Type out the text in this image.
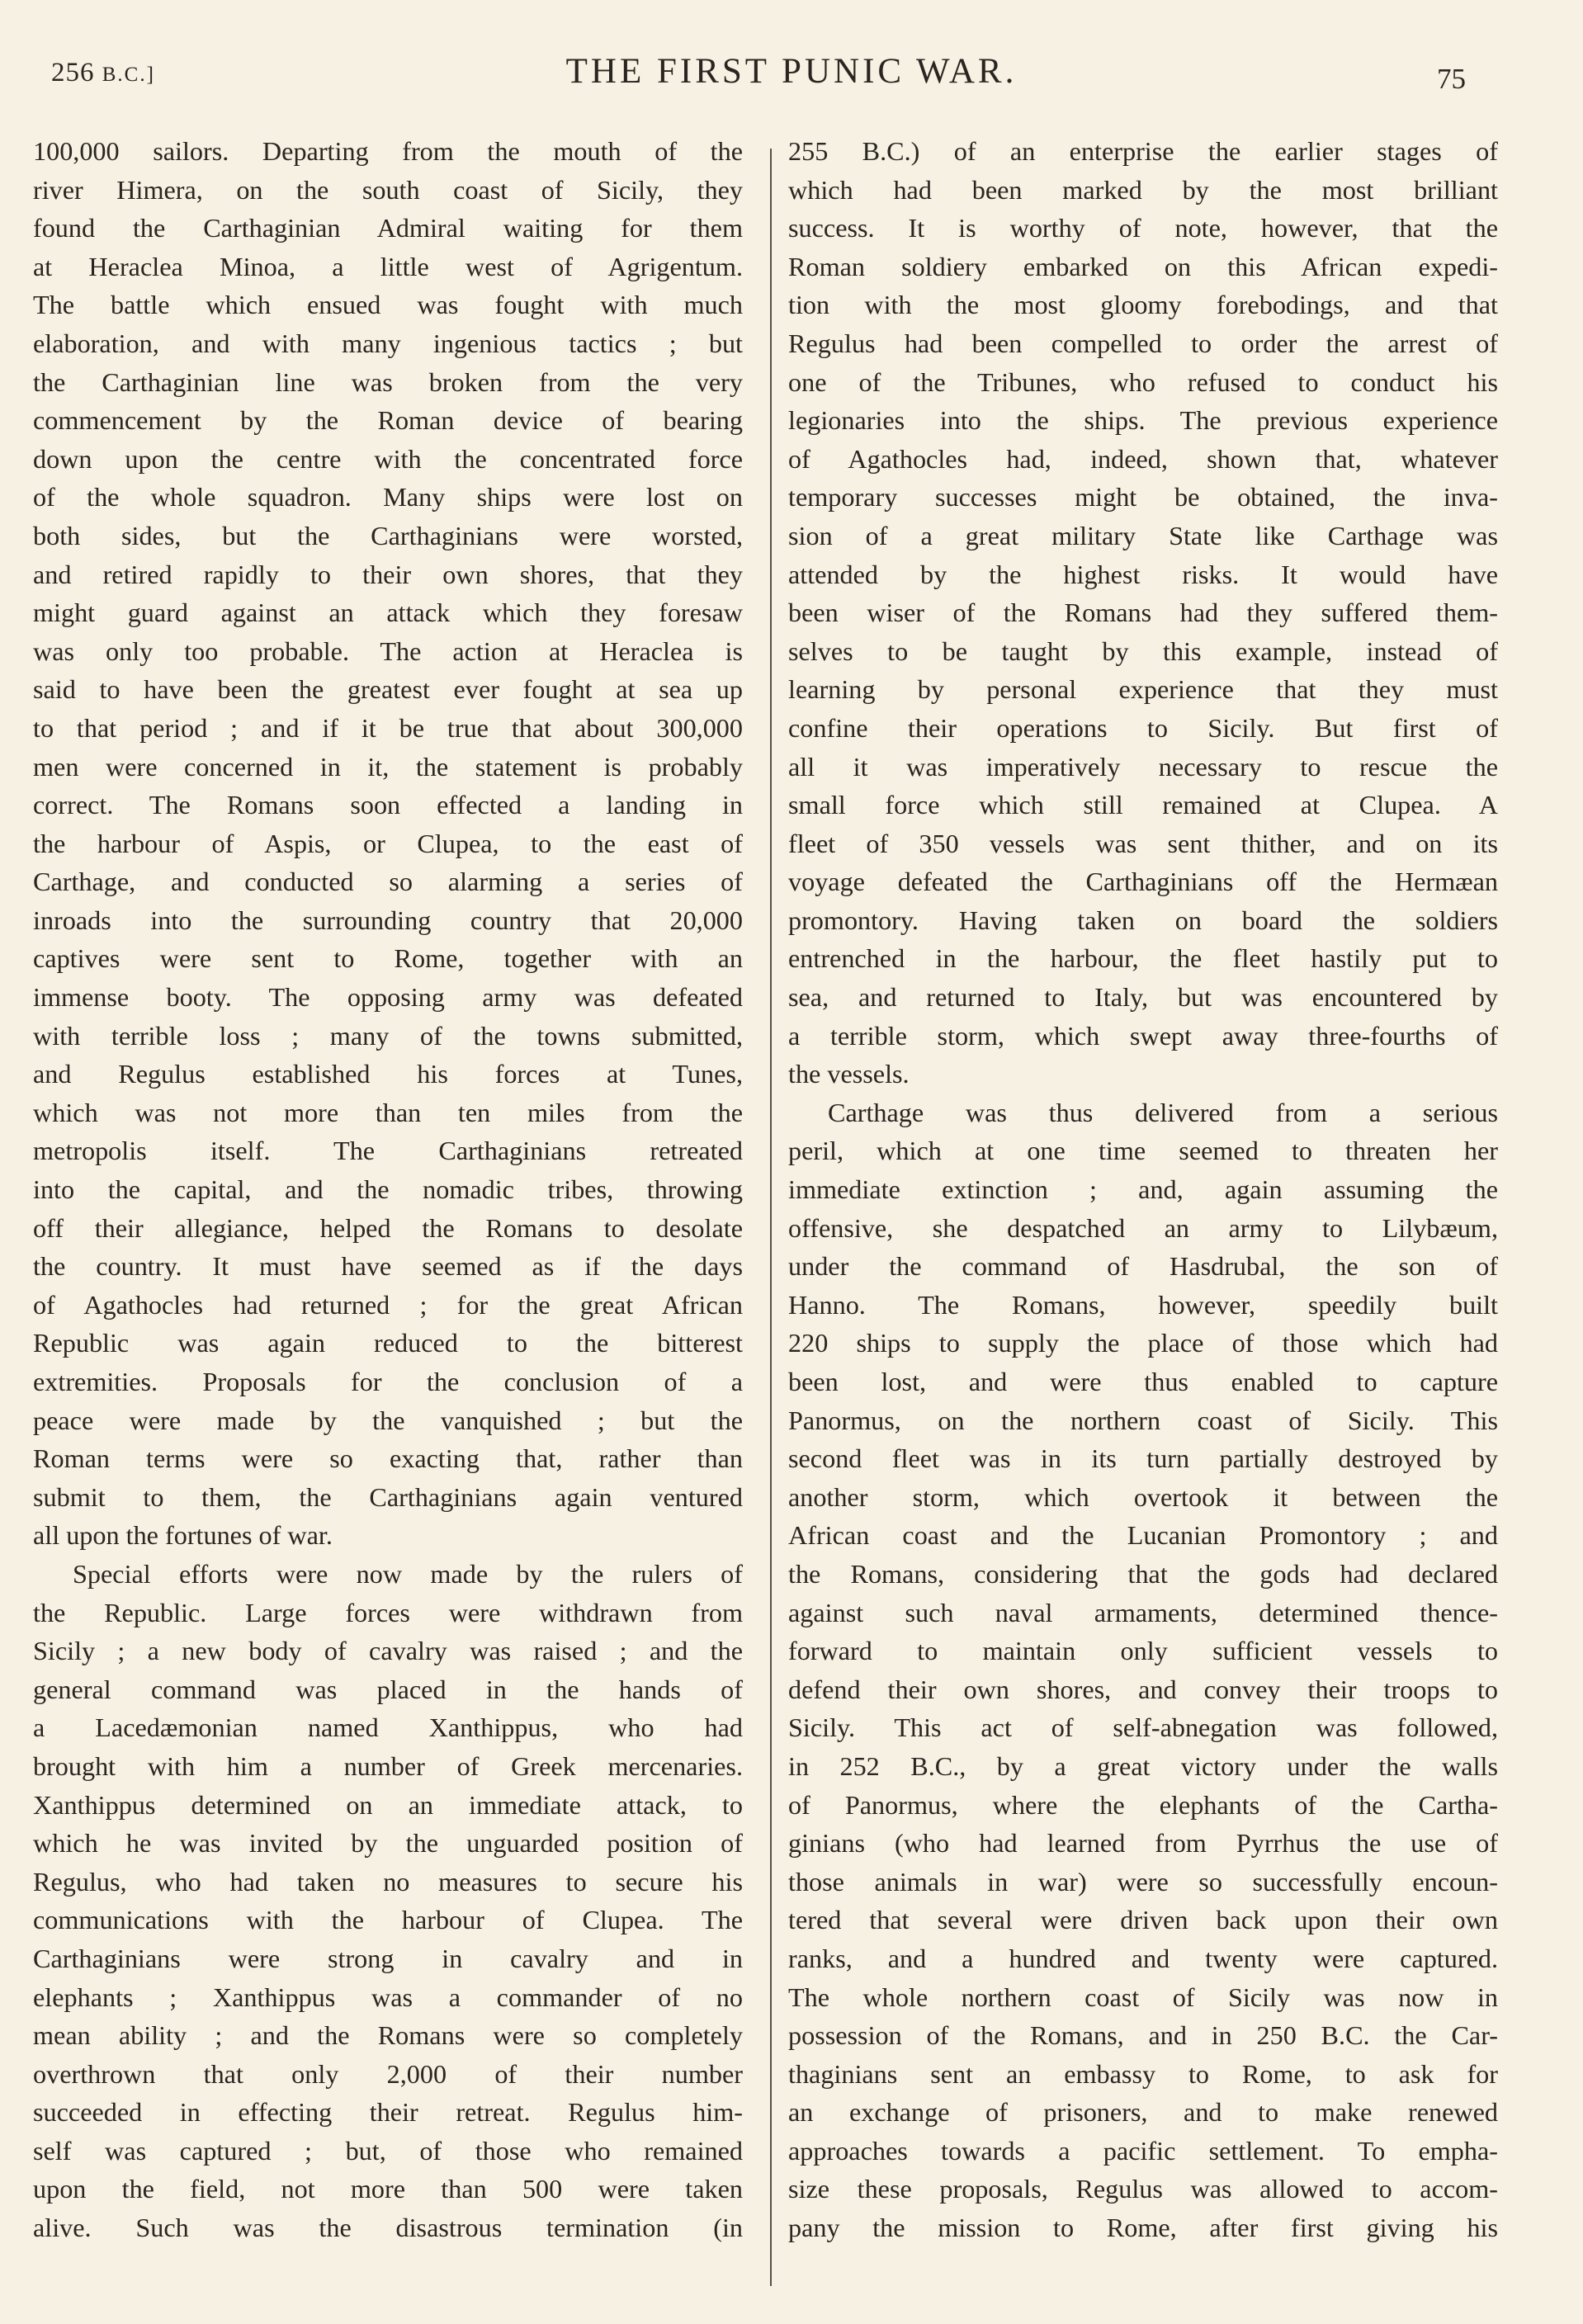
256 B.C.]	THE FIRST PUNIC WAR.	75
100,000 sailors. Departing from the mouth of the
river Himera, on the south coast of Sicily, they
found the Carthaginian Admiral waiting for them
at Heraclea Minoa, a little west of Agrigentum.
The battle which ensued was fought with much
elaboration, and with many ingenious tactics ; but
the Carthaginian line was broken from the very
commencement by the Roman device of bearing
down upon the centre with the concentrated force
of the whole squadron. Many ships were lost on
both sides, but the Carthaginians were worsted,
and retired rapidly to their own shores, that they
might guard against an attack which they foresaw
was only too probable. The action at Heraclea is
said to have been the greatest ever fought at sea up
to that period ; and if it be true that about 300,000
men were concerned in it, the statement is probably
correct. The Romans soon effected a landing in
the harbour of Aspis, or Clupea, to the east of
Carthage, and conducted so alarming a series of
inroads into the surrounding country that 20,000
captives were sent to Rome, together with an
immense booty. The opposing army was defeated
with terrible loss ; many of the towns submitted,
and Regulus established his forces at Tunes,
which was not more than ten miles from the
metropolis itself. The Carthaginians retreated
into the capital, and the nomadic tribes, throwing
off their allegiance, helped the Romans to desolate
the country. It must have seemed as if the days
of Agathocles had returned ; for the great African
Republic was again reduced to the bitterest
extremities. Proposals for the conclusion of a
peace were made by the vanquished ; but the
Roman terms were so exacting that, rather than
submit to them, the Carthaginians again ventured
all upon the fortunes of war.
Special efforts were now made by the rulers of
the Republic. Large forces were withdrawn from
Sicily ; a new body of cavalry was raised ; and the
general command was placed in the hands of
a Lacedæmonian named Xanthippus, who had
brought with him a number of Greek mercenaries.
Xanthippus determined on an immediate attack, to
which he was invited by the unguarded position of
Regulus, who had taken no measures to secure his
communications with the harbour of Clupea. The
Carthaginians were strong in cavalry and in
elephants ; Xanthippus was a commander of no
mean ability ; and the Romans were so completely
overthrown that only 2,000 of their number
succeeded in effecting their retreat. Regulus him-
self was captured ; but, of those who remained
upon the field, not more than 500 were taken
alive. Such was the disastrous termination (in
255 B.C.) of an enterprise the earlier stages of
which had been marked by the most brilliant
success. It is worthy of note, however, that the
Roman soldiery embarked on this African expedi-
tion with the most gloomy forebodings, and that
Regulus had been compelled to order the arrest of
one of the Tribunes, who refused to conduct his
legionaries into the ships. The previous experience
of Agathocles had, indeed, shown that, whatever
temporary successes might be obtained, the inva-
sion of a great military State like Carthage was
attended by the highest risks. It would have
been wiser of the Romans had they suffered them-
selves to be taught by this example, instead of
learning by personal experience that they must
confine their operations to Sicily. But first of
all it was imperatively necessary to rescue the
small force which still remained at Clupea. A
fleet of 350 vessels was sent thither, and on its
voyage defeated the Carthaginians off the Hermæan
promontory. Having taken on board the soldiers
entrenched in the harbour, the fleet hastily put to
sea, and returned to Italy, but was encountered by
a terrible storm, which swept away three-fourths of
the vessels.
Carthage was thus delivered from a serious
peril, which at one time seemed to threaten her
immediate extinction ; and, again assuming the
offensive, she despatched an army to Lilybæum,
under the command of Hasdrubal, the son of
Hanno. The Romans, however, speedily built
220 ships to supply the place of those which had
been lost, and were thus enabled to capture
Panormus, on the northern coast of Sicily. This
second fleet was in its turn partially destroyed by
another storm, which overtook it between the
African coast and the Lucanian Promontory ; and
the Romans, considering that the gods had declared
against such naval armaments, determined thence-
forward to maintain only sufficient vessels to
defend their own shores, and convey their troops to
Sicily. This act of self-abnegation was followed,
in 252 B.C., by a great victory under the walls
of Panormus, where the elephants of the Cartha-
ginians (who had learned from Pyrrhus the use of
those animals in war) were so successfully encoun-
tered that several were driven back upon their own
ranks, and a hundred and twenty were captured.
The whole northern coast of Sicily was now in
possession of the Romans, and in 250 B.C. the Car-
thaginians sent an embassy to Rome, to ask for
an exchange of prisoners, and to make renewed
approaches towards a pacific settlement. To empha-
size these proposals, Regulus was allowed to accom-
pany the mission to Rome, after first giving his
